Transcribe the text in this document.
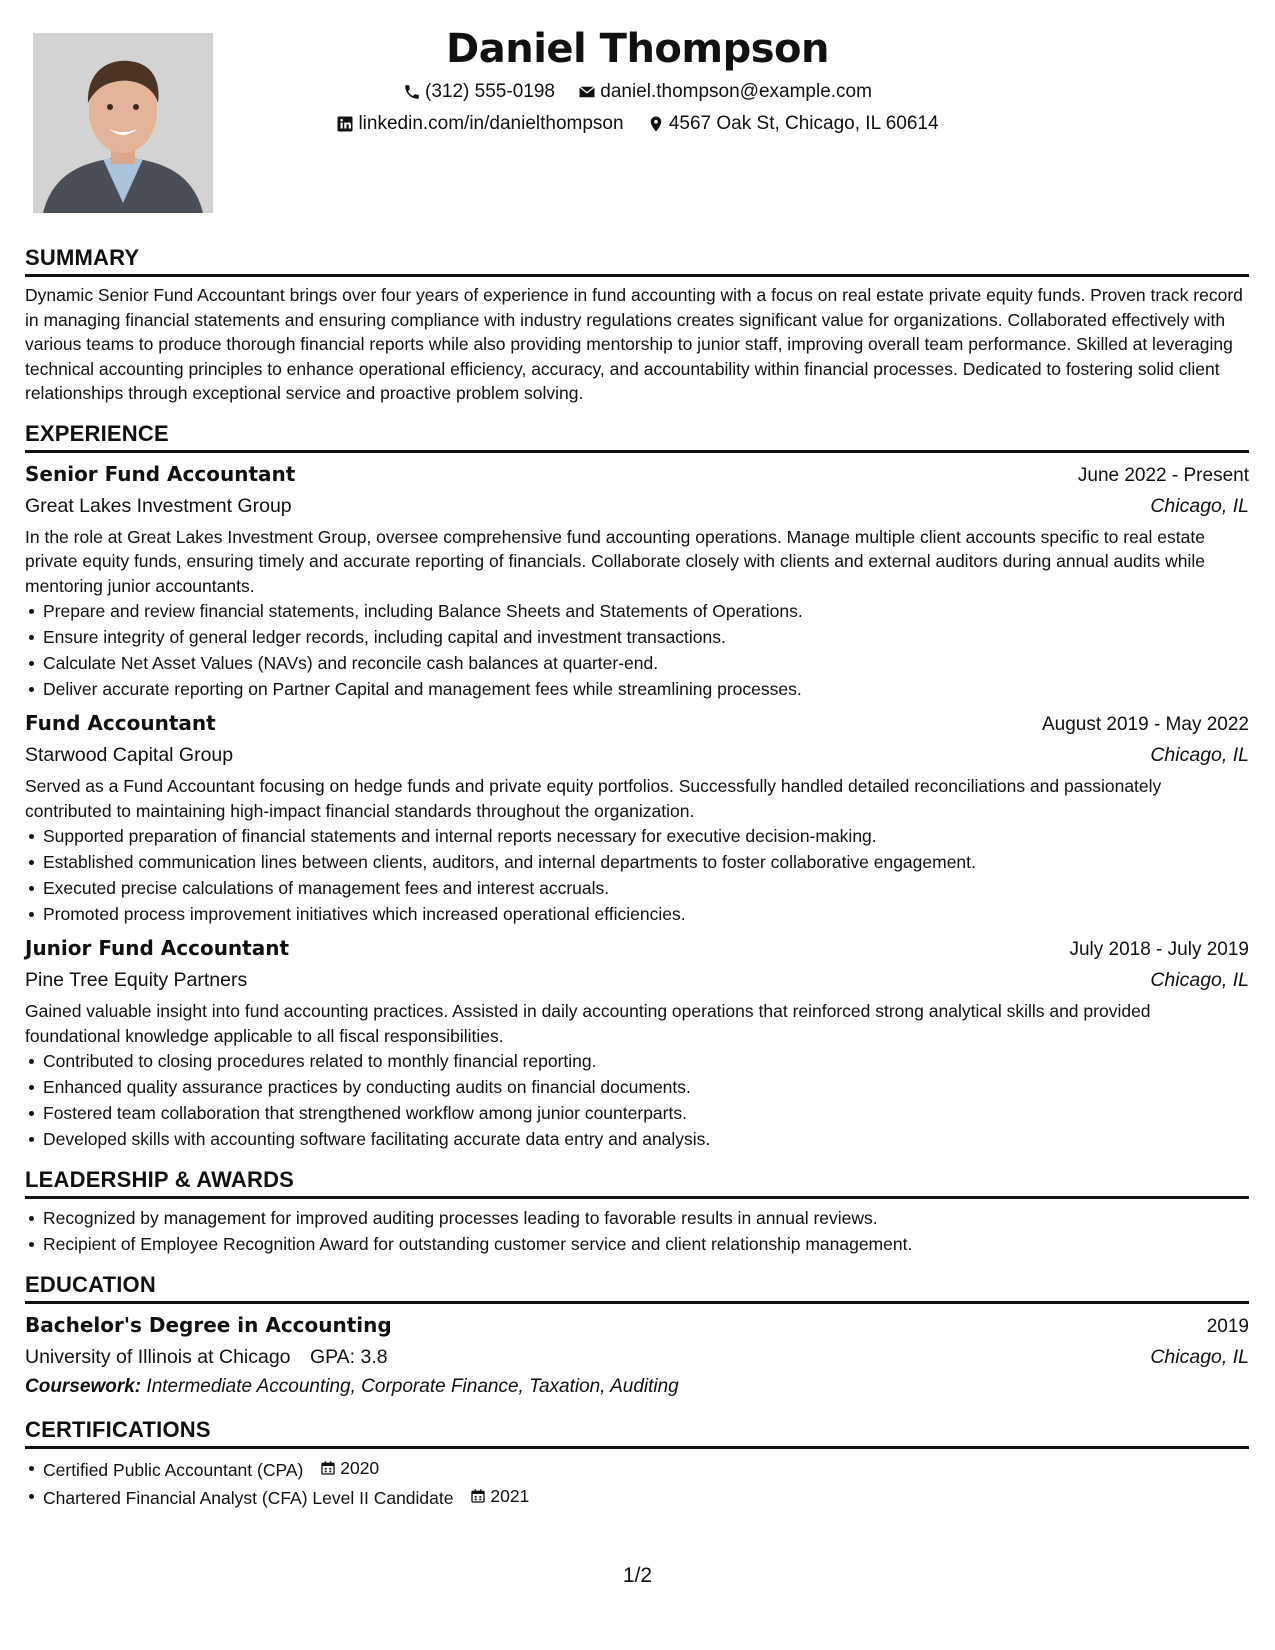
Daniel Thompson
(312) 555-0198
daniel.thompson@example.com
linkedin.com/in/danielthompson
4567 Oak St, Chicago, IL 60614
SUMMARY

Dynamic Senior Fund Accountant brings over four years of experience in fund accounting with a focus on real estate private equity funds. Proven track record in managing financial statements and ensuring compliance with industry regulations creates significant value for organizations. Collaborated effectively with various teams to produce thorough financial reports while also providing mentorship to junior staff, improving overall team performance. Skilled at leveraging technical accounting principles to enhance operational efficiency, accuracy, and accountability within financial processes. Dedicated to fostering solid client relationships through exceptional service and proactive problem solving.

EXPERIENCE
Senior Fund Accountant	June 2022 - Present
Great Lakes Investment Group	Chicago, IL

In the role at Great Lakes Investment Group, oversee comprehensive fund accounting operations. Manage multiple client accounts specific to real estate private equity funds, ensuring timely and accurate reporting of financials. Collaborate closely with clients and external auditors during annual audits while mentoring junior accountants.

Prepare and review financial statements, including Balance Sheets and Statements of Operations.
Ensure integrity of general ledger records, including capital and investment transactions.
Calculate Net Asset Values (NAVs) and reconcile cash balances at quarter-end.
Deliver accurate reporting on Partner Capital and management fees while streamlining processes.
Fund Accountant	August 2019 - May 2022
Starwood Capital Group	Chicago, IL

Served as a Fund Accountant focusing on hedge funds and private equity portfolios. Successfully handled detailed reconciliations and passionately contributed to maintaining high-impact financial standards throughout the organization.

Supported preparation of financial statements and internal reports necessary for executive decision-making.
Established communication lines between clients, auditors, and internal departments to foster collaborative engagement.
Executed precise calculations of management fees and interest accruals.
Promoted process improvement initiatives which increased operational efficiencies.
Junior Fund Accountant	July 2018 - July 2019
Pine Tree Equity Partners	Chicago, IL

Gained valuable insight into fund accounting practices. Assisted in daily accounting operations that reinforced strong analytical skills and provided foundational knowledge applicable to all fiscal responsibilities.

Contributed to closing procedures related to monthly financial reporting.
Enhanced quality assurance practices by conducting audits on financial documents.
Fostered team collaboration that strengthened workflow among junior counterparts.
Developed skills with accounting software facilitating accurate data entry and analysis.
LEADERSHIP & AWARDS
Recognized by management for improved auditing processes leading to favorable results in annual reviews.
Recipient of Employee Recognition Award for outstanding customer service and client relationship management.
EDUCATION
Bachelor's Degree in Accounting	2019
University of Illinois at Chicago GPA: 3.8	Chicago, IL
Coursework: Intermediate Accounting, Corporate Finance, Taxation, Auditing
CERTIFICATIONS
Certified Public Accountant (CPA) 2020
Chartered Financial Analyst (CFA) Level II Candidate 2021
1/2
